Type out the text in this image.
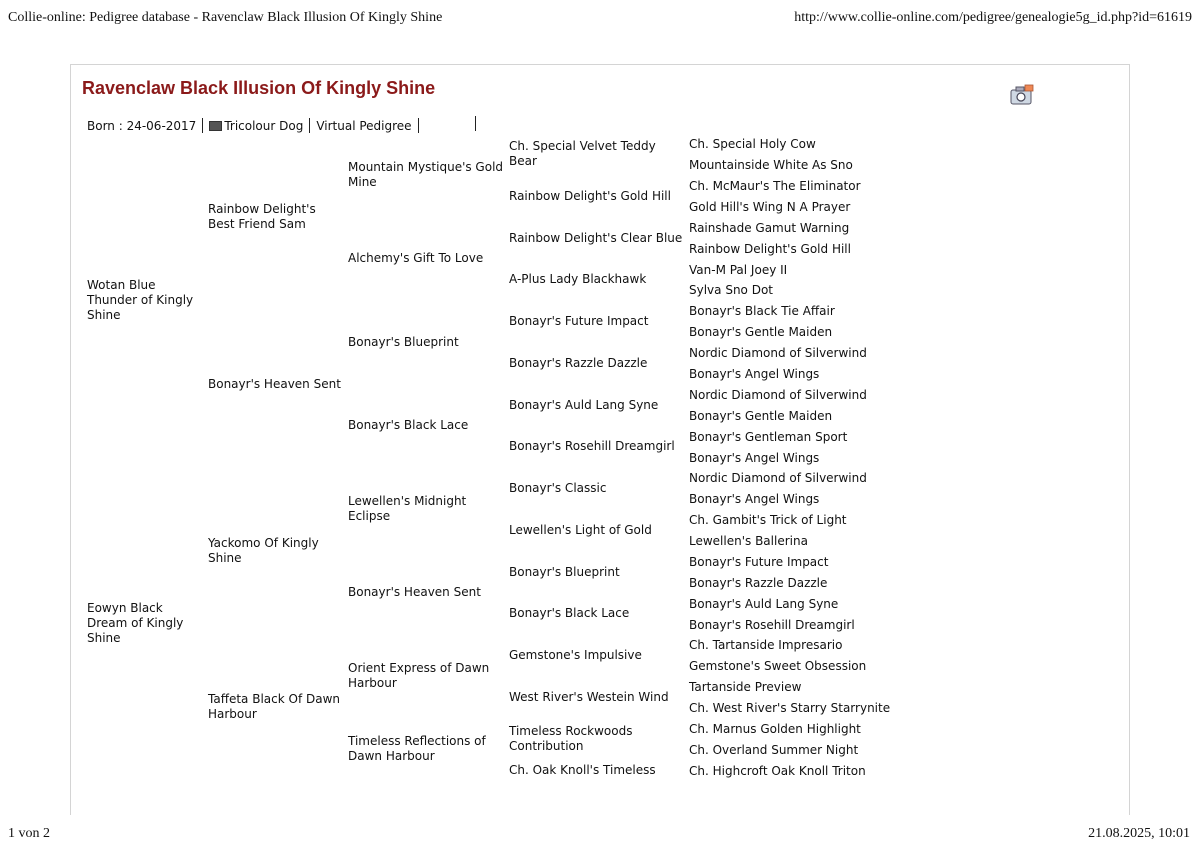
Collie-online: Pedigree database - Ravenclaw Black Illusion Of Kingly Shine	http://www.collie-online.com/pedigree/genealogie5g_id.php?id=61619
Ravenclaw Black Illusion Of Kingly Shine
Born : 24-06-2017 Tricolour Dog Virtual Pedigree
Wotan Blue Thunder of Kingly Shine
Eowyn Black Dream of Kingly Shine
Rainbow Delight's Best Friend Sam
Bonayr's Heaven Sent
Yackomo Of Kingly Shine
Taffeta Black Of Dawn Harbour
Mountain Mystique's Gold Mine
Alchemy's Gift To Love
Bonayr's Blueprint
Bonayr's Black Lace
Lewellen's Midnight Eclipse
Bonayr's Heaven Sent
Orient Express of Dawn Harbour
Timeless Reflections of Dawn Harbour
Ch. Special Velvet Teddy Bear
Rainbow Delight's Gold Hill
Rainbow Delight's Clear Blue
A-Plus Lady Blackhawk
Bonayr's Future Impact
Bonayr's Razzle Dazzle
Bonayr's Auld Lang Syne
Bonayr's Rosehill Dreamgirl
Bonayr's Classic
Lewellen's Light of Gold
Bonayr's Blueprint
Bonayr's Black Lace
Gemstone's Impulsive
West River's Westein Wind
Timeless Rockwoods Contribution
Ch. Oak Knoll's Timeless
Ch. Special Holy Cow
Mountainside White As Sno
Ch. McMaur's The Eliminator
Gold Hill's Wing N A Prayer
Rainshade Gamut Warning
Rainbow Delight's Gold Hill
Van-M Pal Joey II
Sylva Sno Dot
Bonayr's Black Tie Affair
Bonayr's Gentle Maiden
Nordic Diamond of Silverwind
Bonayr's Angel Wings
Nordic Diamond of Silverwind
Bonayr's Gentle Maiden
Bonayr's Gentleman Sport
Bonayr's Angel Wings
Nordic Diamond of Silverwind
Bonayr's Angel Wings
Ch. Gambit's Trick of Light
Lewellen's Ballerina
Bonayr's Future Impact
Bonayr's Razzle Dazzle
Bonayr's Auld Lang Syne
Bonayr's Rosehill Dreamgirl
Ch. Tartanside Impresario
Gemstone's Sweet Obsession
Tartanside Preview
Ch. West River's Starry Starrynite
Ch. Marnus Golden Highlight
Ch. Overland Summer Night
Ch. Highcroft Oak Knoll Triton
1 von 2	21.08.2025, 10:01
